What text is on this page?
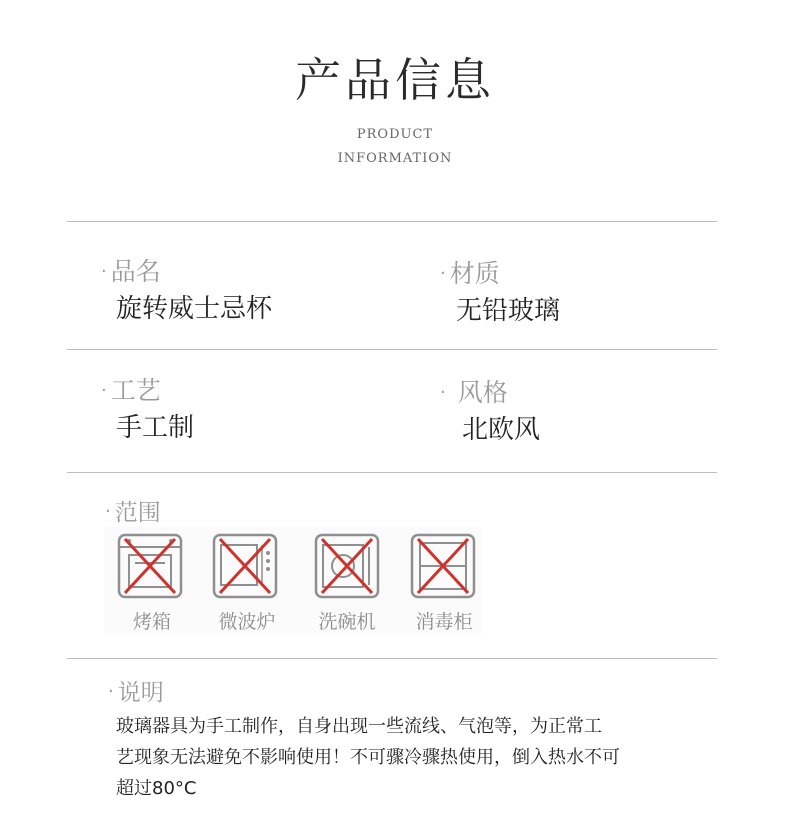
产品信息
PRODUCT
INFORMATION
· 品名
旋转威士忌杯
· 材质
无铅玻璃
· 工艺
手工制
· 风格
北欧风
· 范围
烤箱	微波炉	洗碗机	消毒柜
· 说明
玻璃器具为手工制作，自身出现一些流线、气泡等，为正常工
艺现象无法避免不影响使用！不可骤冷骤热使用，倒入热水不可
超过80°C
